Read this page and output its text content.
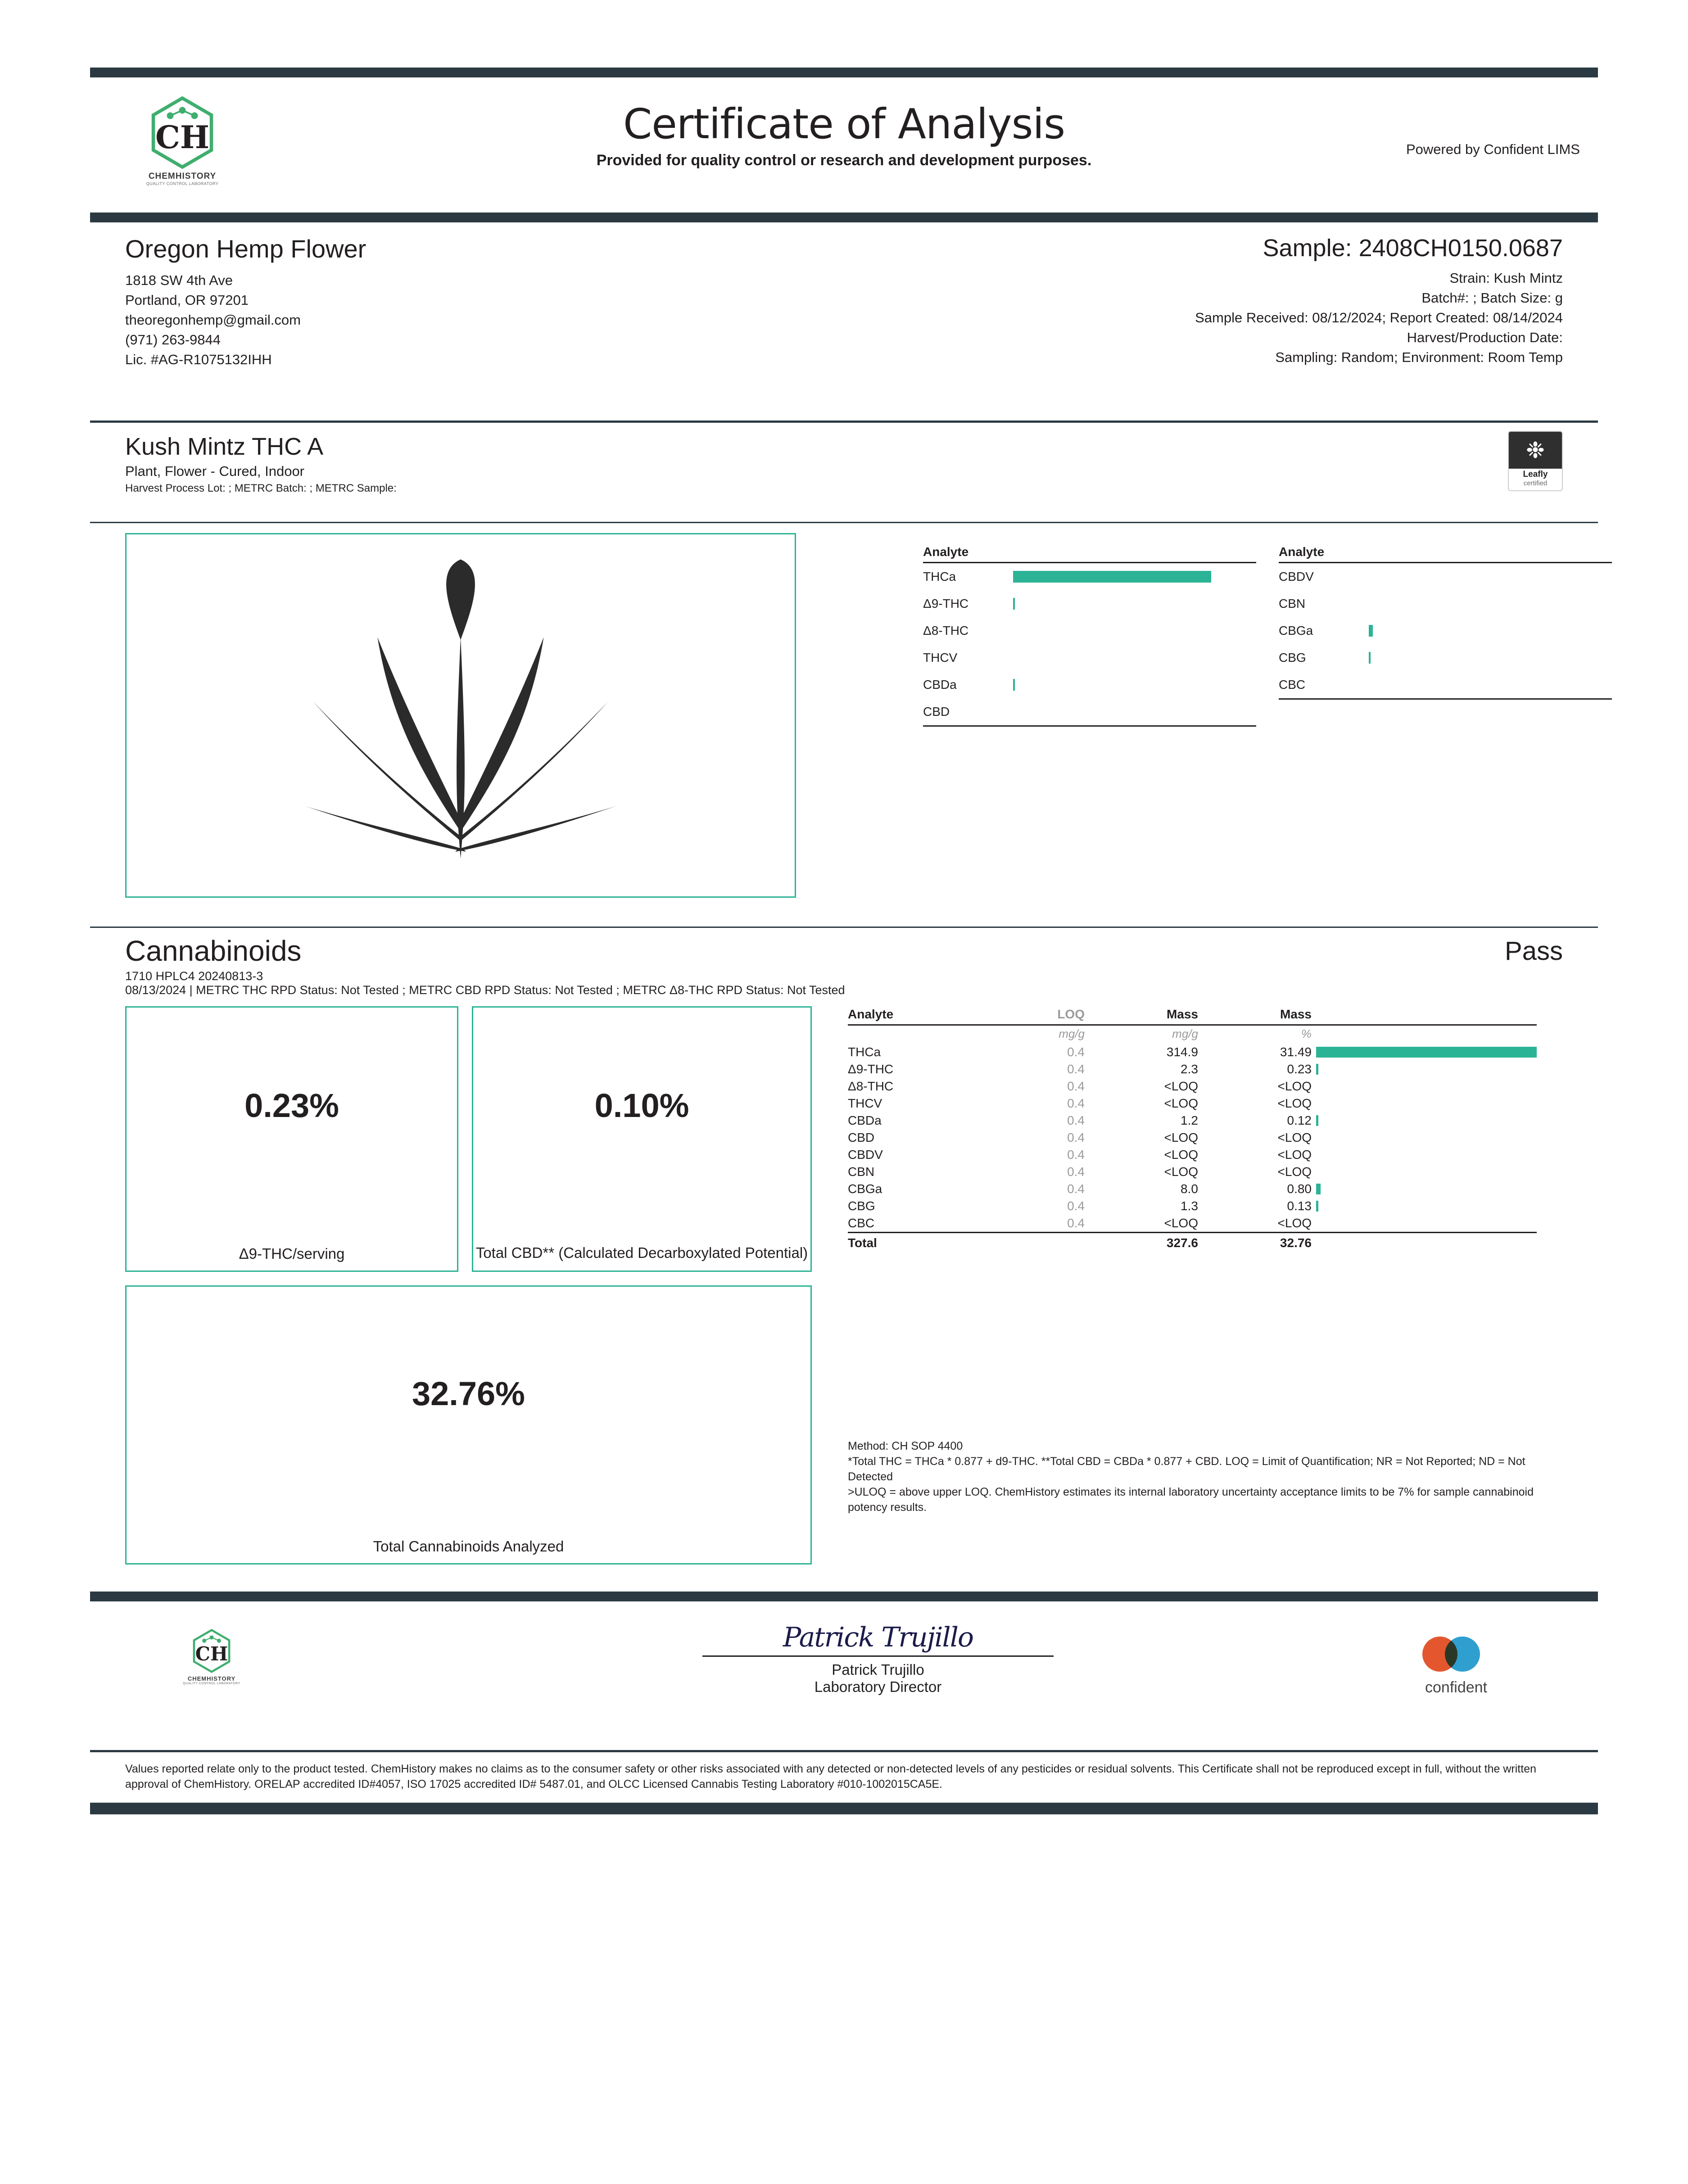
CH
CHEMHISTORY
QUALITY CONTROL LABORATORY
Certificate of Analysis
Provided for quality control or research and development purposes.
Powered by Confident LIMS
Oregon Hemp Flower
1818 SW 4th Ave
Portland, OR 97201
theoregonhemp@gmail.com
(971) 263-9844
Lic. #AG-R1075132IHH
Sample: 2408CH0150.0687
Strain: Kush Mintz
Batch#: ; Batch Size: g
Sample Received: 08/12/2024; Report Created: 08/14/2024
Harvest/Production Date:
Sampling: Random; Environment: Room Temp
Kush Mintz THC A
Plant, Flower - Cured, Indoor
Harvest Process Lot: ; METRC Batch: ; METRC Sample:
❉
Leafly
certified
Analyte
THCa
Δ9-THC
Δ8-THC
THCV
CBDa
CBD
Analyte
CBDV
CBN
CBGa
CBG
CBC
Cannabinoids	Pass
1710 HPLC4 20240813-3
08/13/2024 | METRC THC RPD Status: Not Tested ; METRC CBD RPD Status: Not Tested ; METRC Δ8-THC RPD Status: Not Tested
0.23%
Δ9-THC/serving
0.10%
Total CBD** (Calculated Decarboxylated Potential)
32.76%
Total Cannabinoids Analyzed
Analyte	LOQ	Mass	Mass	
	mg/g	mg/g	%	
THCa	0.4	314.9	31.49	

Δ9-THC	0.4	2.3	0.23	

Δ8-THC	0.4	<LOQ	<LOQ	
THCV	0.4	<LOQ	<LOQ	
CBDa	0.4	1.2	0.12	

CBD	0.4	<LOQ	<LOQ	
CBDV	0.4	<LOQ	<LOQ	
CBN	0.4	<LOQ	<LOQ	
CBGa	0.4	8.0	0.80	

CBG	0.4	1.3	0.13	

CBC	0.4	<LOQ	<LOQ	
Total		327.6	32.76	
Method: CH SOP 4400
*Total THC = THCa * 0.877 + d9-THC. **Total CBD = CBDa * 0.877 + CBD. LOQ = Limit of Quantification; NR = Not Reported; ND = Not Detected
>ULOQ = above upper LOQ. ChemHistory estimates its internal laboratory uncertainty acceptance limits to be 7% for sample cannabinoid potency results.
CH
CHEMHISTORY
QUALITY CONTROL LABORATORY
Patrick Trujillo
Patrick Trujillo
Laboratory Director	confident
Values reported relate only to the product tested. ChemHistory makes no claims as to the consumer safety or other risks associated with any detected or non-detected levels of any pesticides or residual solvents. This Certificate shall not be reproduced except in full, without the written approval of ChemHistory. ORELAP accredited ID#4057, ISO 17025 accredited ID# 5487.01, and OLCC Licensed Cannabis Testing Laboratory #010-1002015CA5E.
